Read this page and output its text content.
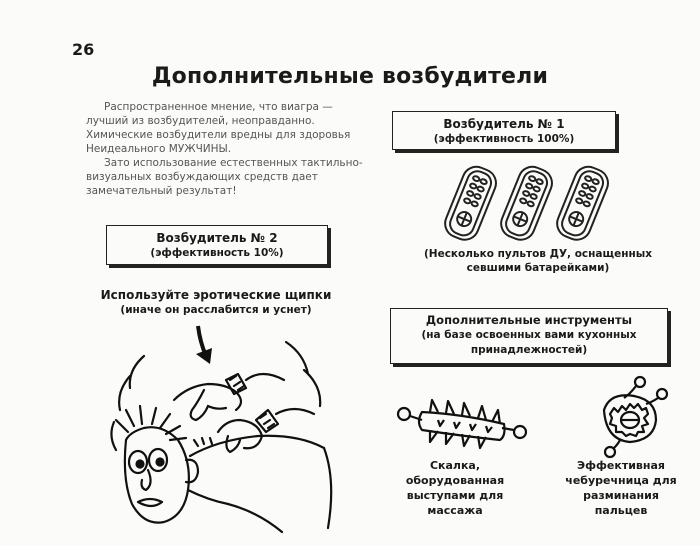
26
Дополнительные возбудители

Распространенное мнение, что виагра — лучший из возбудителей, неоправданно. Химические возбудители вредны для здоровья Неидеального МУЖЧИНЫ.

Зато использование естественных тактильно-визуальных возбуждающих средств дает замечательный результат!

Возбудитель № 1
(эффективность 100%)
(Несколько пультов ДУ, оснащенных севшими батарейками)
Возбудитель № 2
(эффективность 10%)
Используйте эротические щипки
(иначе он расслабится и уснет)
Дополнительные инструменты
(на базе освоенных вами кухонных принадлежностей)
Скалка, оборудованная выступами для массажа
Эффективная чебуречница для разминания пальцев
